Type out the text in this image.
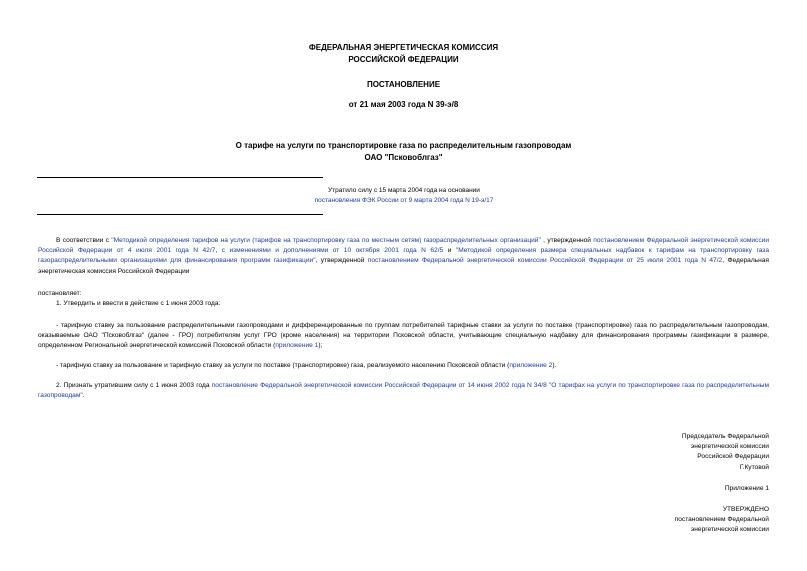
ФЕДЕРАЛЬНАЯ ЭНЕРГЕТИЧЕСКАЯ КОМИССИЯ
РОССИЙСКОЙ ФЕДЕРАЦИИ
ПОСТАНОВЛЕНИЕ
от 21 мая 2003 года N 39-э/8
О тарифе на услуги по транспортировке газа по распределительным газопроводам
ОАО "Псковоблгаз"
Утратило силу с 15 марта 2004 года на основании
постановления ФЭК России от 9 марта 2004 года N 19-э/17
В соответствии с "Методикой определения тарифов на услуги (тарифов на транспортировку газа по местным сетям) газораспределительных организаций" , утвержденной постановлением Федеральной энергетической комиссии Российской Федерации от 4 июля 2001 года N 42/7, с изменениями и дополнениями от 10 октября 2001 года N 62/5 и "Методикой определения размера специальных надбавок к тарифам на транспортировку газа газораспределительными организациями для финансирования программ газификации", утвержденной постановлением Федеральной энергетической комиссии Российской Федерации от 25 июля 2001 года N 47/2, Федеральная энергетическая комиссия Российской Федерации
постановляет:
1. Утвердить и ввести в действие с 1 июня 2003 года:
- тарифную ставку за пользование распределительными газопроводами и дифференцированные по группам потребителей тарифные ставки за услуги по поставке (транспортировке) газа по распределительным газопроводам, оказываемые ОАО "Псковоблгаз" (далее - ГРО) потребителям услуг ГРО (кроме населения) на территории Псковской области, учитывающие специальную надбавку для финансирования программы газификации в размере, определенном Региональной энергетической комиссией Псковской области (приложение 1);
- тарифную ставку за пользование и тарифную ставку за услуги по поставке (транспортировке) газа, реализуемого населению Псковской области (приложение 2).
2. Признать утратившим силу с 1 июня 2003 года постановление Федеральной энергетической комиссии Российской Федерации от 14 июня 2002 года N 34/8 "О тарифах на услуги по транспортировке газа по распределительным газопроводам".
Председатель Федеральной
энергетической комиссии
Российской Федерации
Г.Кутовой
Приложение 1
УТВЕРЖДЕНО
постановлением Федеральной
энергетической комиссии
